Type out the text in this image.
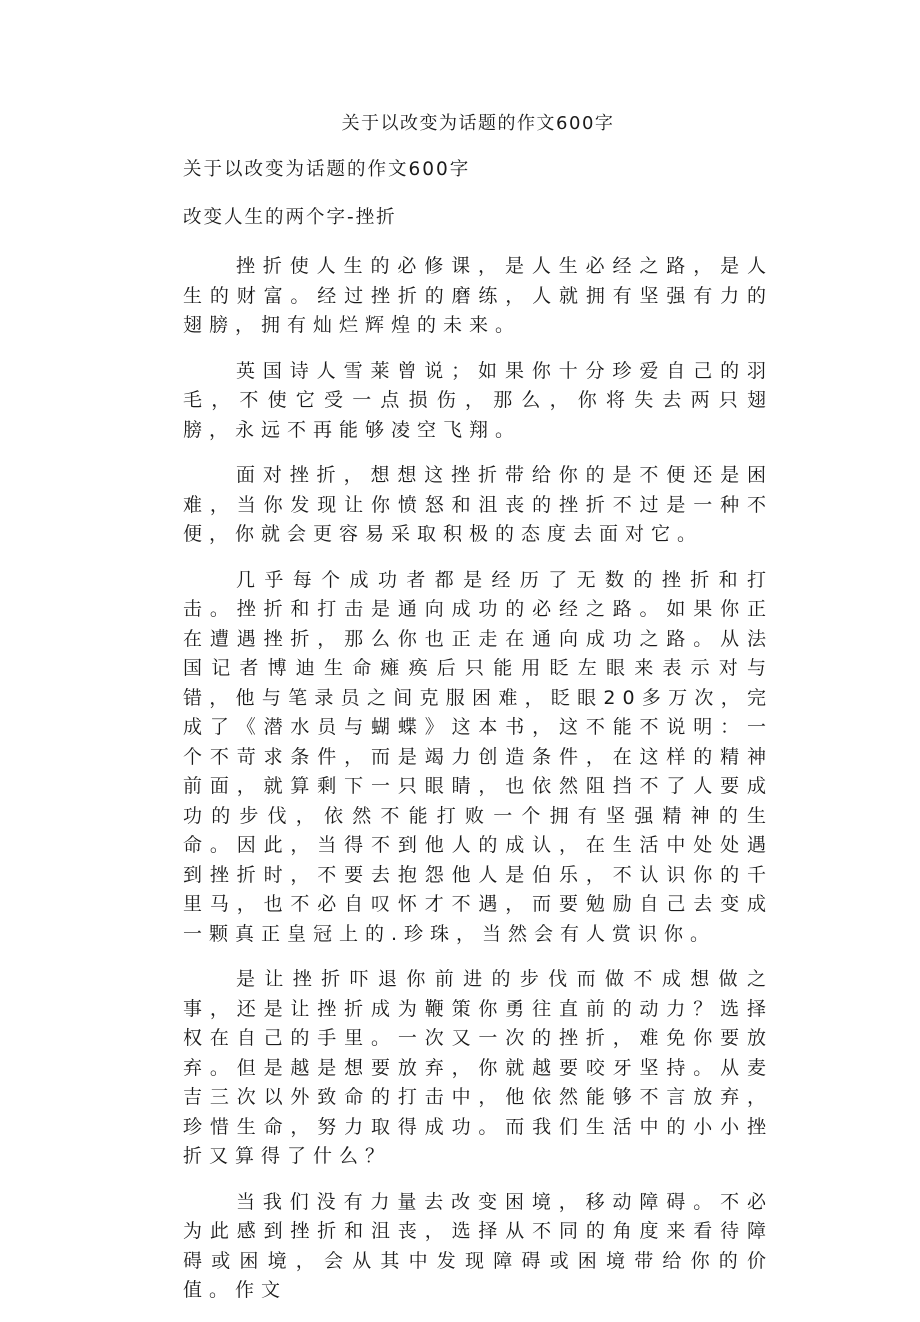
关于以改变为话题的作文600字
关于以改变为话题的作文600字
改变人生的两个字-挫折

挫折使人生的必修课，是人生必经之路，是人生的财富。经过挫折的磨练，人就拥有坚强有力的翅膀，拥有灿烂辉煌的未来。

英国诗人雪莱曾说；如果你十分珍爱自己的羽毛，不使它受一点损伤，那么，你将失去两只翅膀，永远不再能够凌空飞翔。

面对挫折，想想这挫折带给你的是不便还是困难，当你发现让你愤怒和沮丧的挫折不过是一种不便，你就会更容易采取积极的态度去面对它。

几乎每个成功者都是经历了无数的挫折和打击。挫折和打击是通向成功的必经之路。如果你正在遭遇挫折，那么你也正走在通向成功之路。从法国记者博迪生命瘫痪后只能用眨左眼来表示对与错，他与笔录员之间克服困难，眨眼20多万次，完成了《潜水员与蝴蝶》这本书，这不能不说明：一个不苛求条件，而是竭力创造条件，在这样的精神前面，就算剩下一只眼睛，也依然阻挡不了人要成功的步伐，依然不能打败一个拥有坚强精神的生命。因此，当得不到他人的成认，在生活中处处遇到挫折时，不要去抱怨他人是伯乐，不认识你的千里马，也不必自叹怀才不遇，而要勉励自己去变成一颗真正皇冠上的.珍珠，当然会有人赏识你。

是让挫折吓退你前进的步伐而做不成想做之事，还是让挫折成为鞭策你勇往直前的动力？选择权在自己的手里。一次又一次的挫折，难免你要放弃。但是越是想要放弃，你就越要咬牙坚持。从麦吉三次以外致命的打击中，他依然能够不言放弃，珍惜生命，努力取得成功。而我们生活中的小小挫折又算得了什么？

当我们没有力量去改变困境，移动障碍。不必为此感到挫折和沮丧，选择从不同的角度来看待障碍或困境，会从其中发现障碍或困境带给你的价值。作文
